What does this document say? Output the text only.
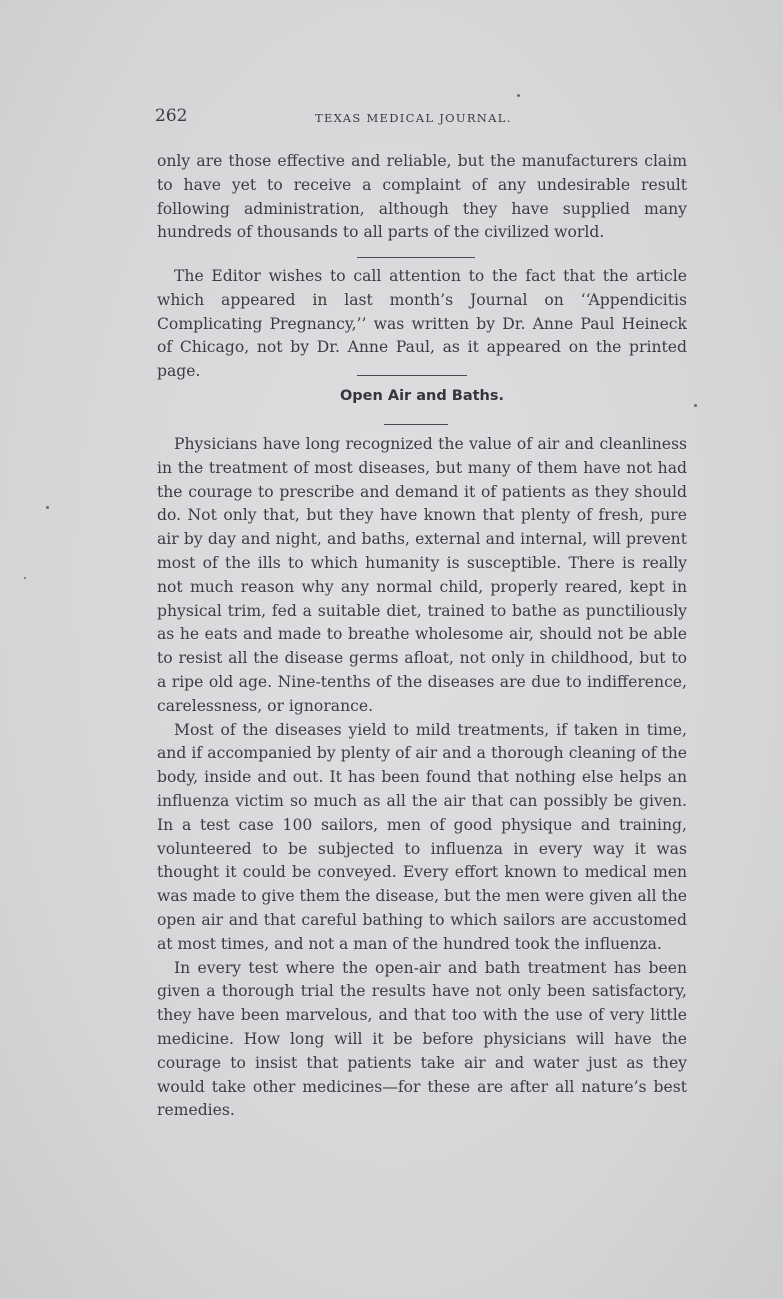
262	TEXAS MEDICAL JOURNAL.

only are those effective and reliable, but the manufacturers claim to have yet to receive a complaint of any undesirable result following administration, although they have supplied many hundreds of thousands to all parts of the civilized world.

The Editor wishes to call attention to the fact that the article which appeared in last month’s Journal on ‘‘Appendicitis Complicating Pregnancy,’’ was written by Dr. Anne Paul Heineck of Chicago, not by Dr. Anne Paul, as it appeared on the printed page.

Open Air and Baths.

Physicians have long recognized the value of air and cleanliness in the treatment of most diseases, but many of them have not had the courage to prescribe and demand it of patients as they should do. Not only that, but they have known that plenty of fresh, pure air by day and night, and baths, external and internal, will prevent most of the ills to which humanity is susceptible. There is really not much reason why any normal child, properly reared, kept in physical trim, fed a suitable diet, trained to bathe as punctiliously as he eats and made to breathe wholesome air, should not be able to resist all the disease germs afloat, not only in childhood, but to a ripe old age. Nine-tenths of the diseases are due to indifference, carelessness, or ignorance.

Most of the diseases yield to mild treatments, if taken in time, and if accompanied by plenty of air and a thorough cleaning of the body, inside and out. It has been found that nothing else helps an influenza victim so much as all the air that can possibly be given. In a test case 100 sailors, men of good physique and training, volunteered to be subjected to influenza in every way it was thought it could be conveyed. Every effort known to medical men was made to give them the disease, but the men were given all the open air and that careful bathing to which sailors are accustomed at most times, and not a man of the hundred took the influenza.

In every test where the open-air and bath treatment has been given a thorough trial the results have not only been satisfactory, they have been marvelous, and that too with the use of very little medicine. How long will it be before physicians will have the courage to insist that patients take air and water just as they would take other medicines—for these are after all nature’s best remedies.
